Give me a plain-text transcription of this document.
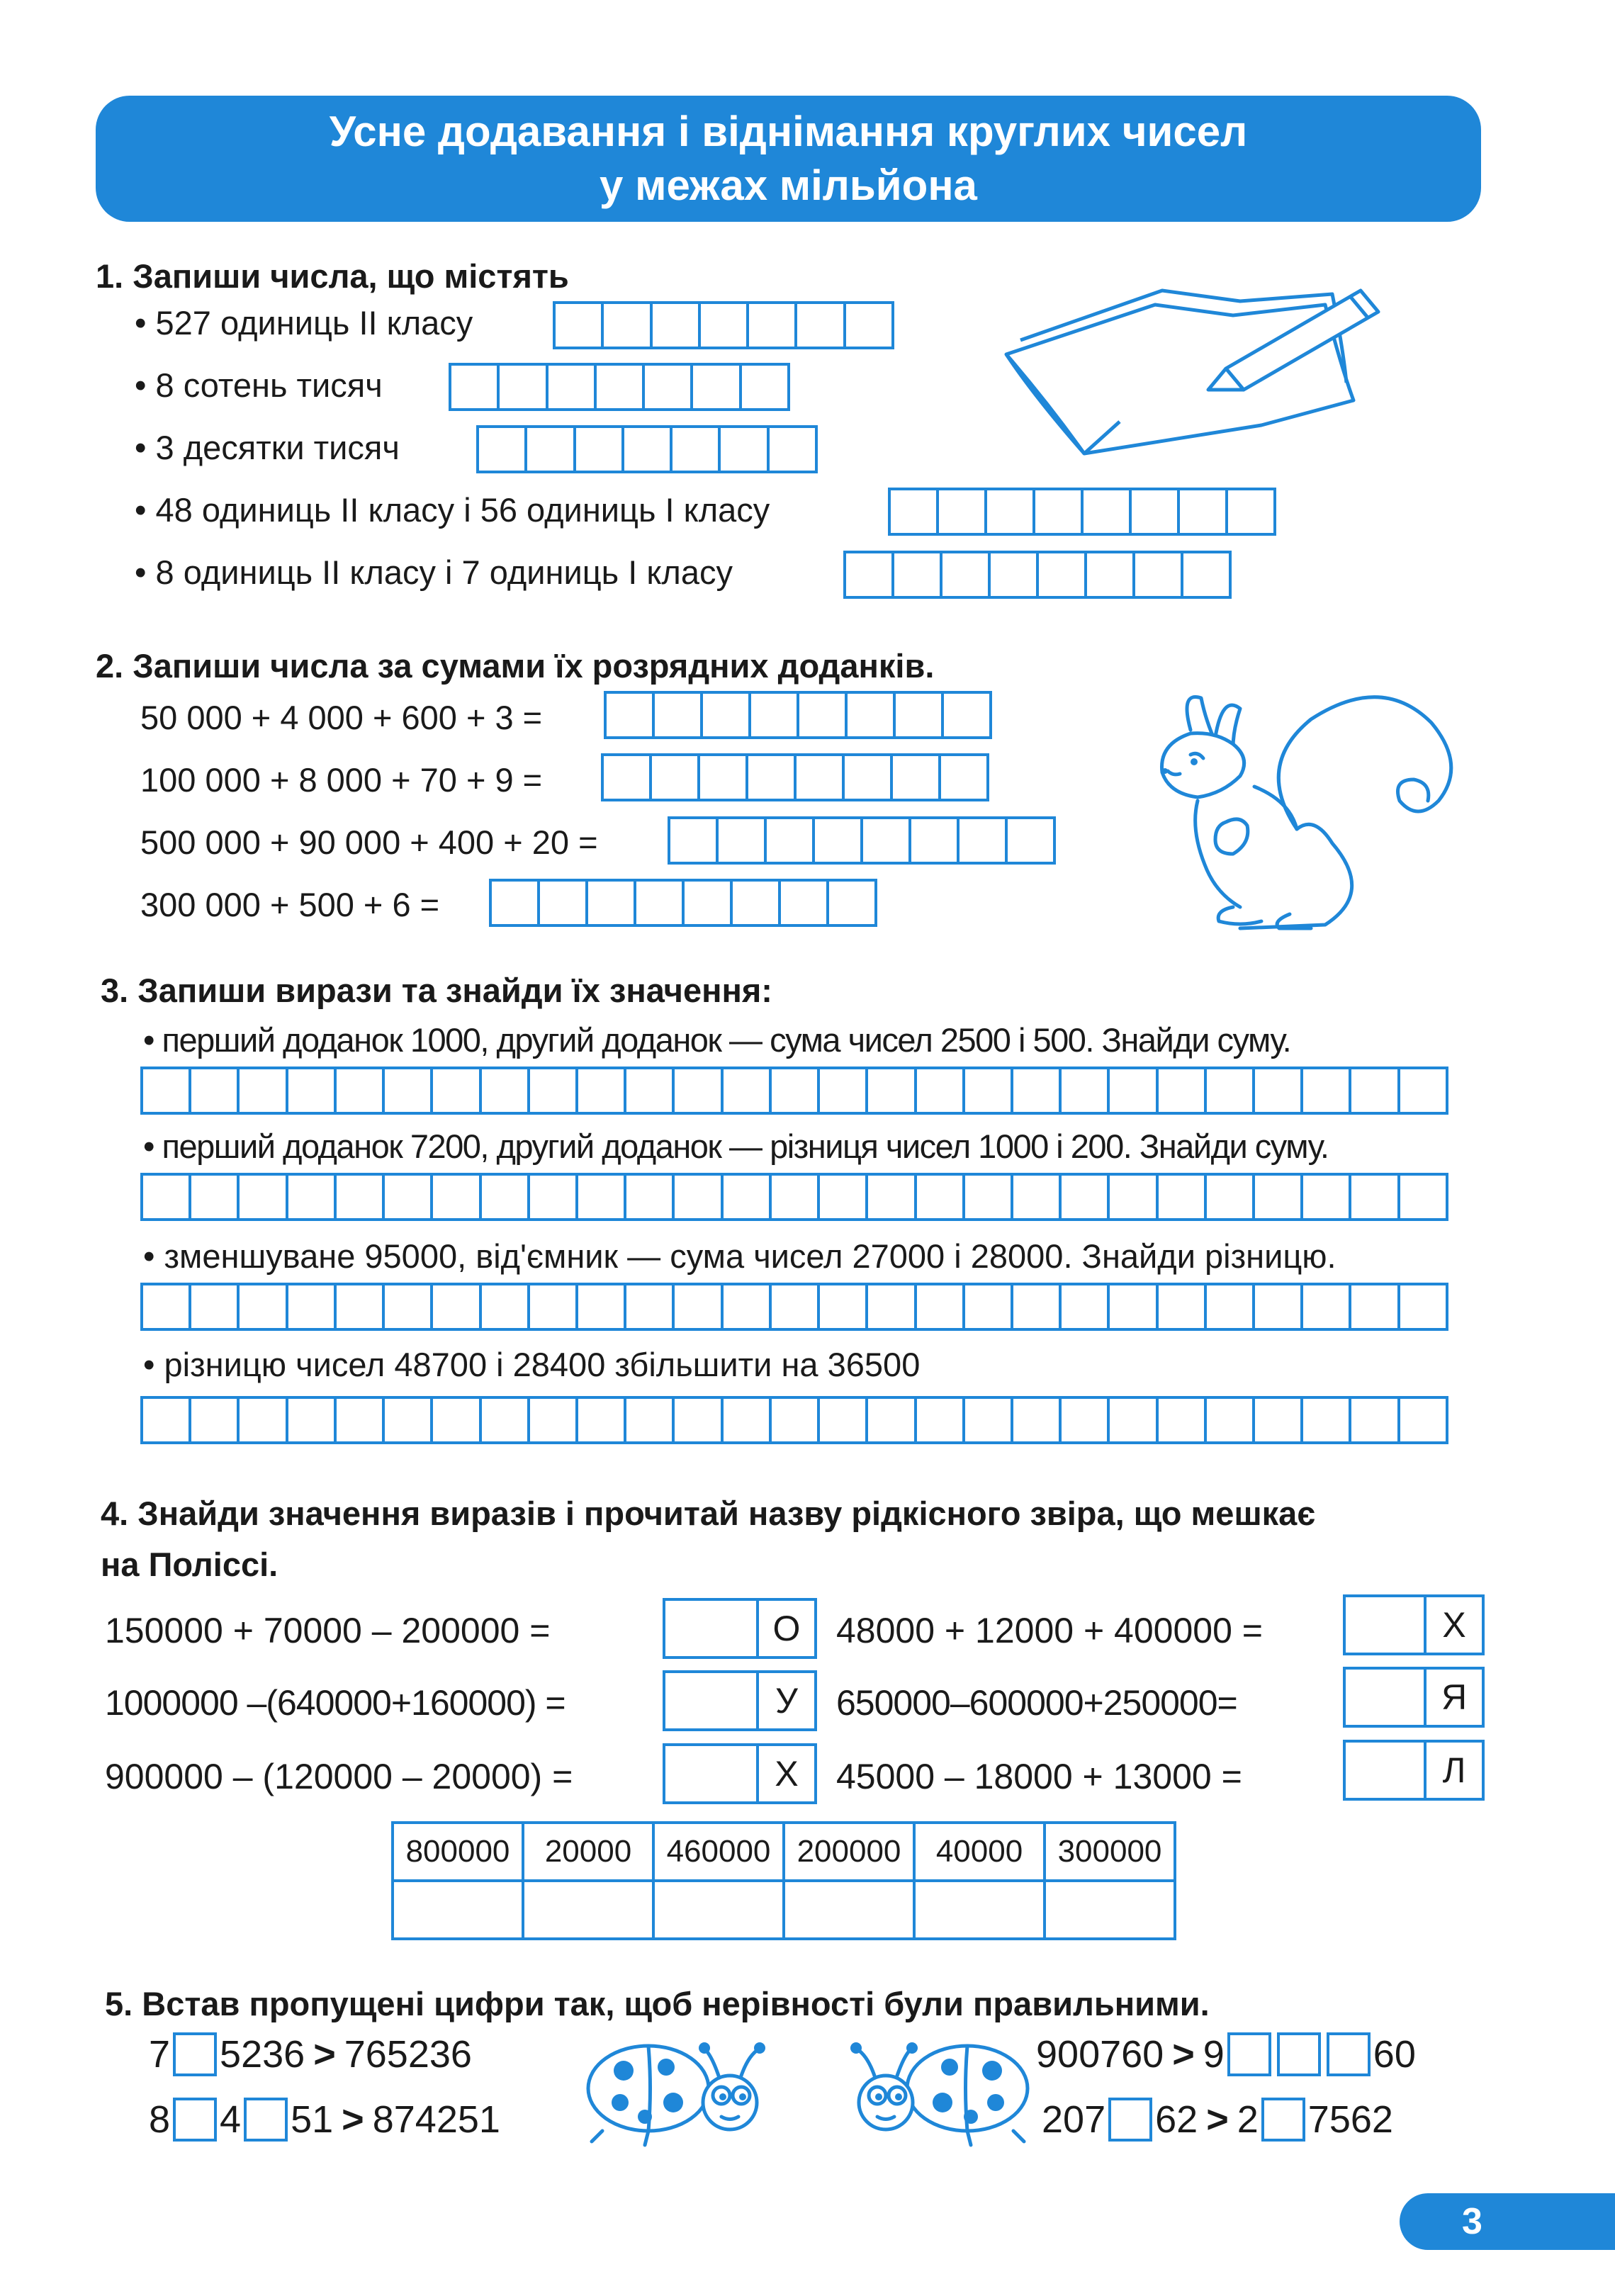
Усне додавання і віднімання круглих чисел
у межах мільйона
1. Запиши числа, що містять
• 527 одиниць ІІ класу
• 8 сотень тисяч
• 3 десятки тисяч
• 48 одиниць ІІ класу і 56 одиниць І класу
• 8 одиниць ІІ класу і 7 одиниць І класу
2. Запиши числа за сумами їх розрядних доданків.
50 000 + 4 000 + 600 + 3 =
100 000 + 8 000 + 70 + 9 =
500 000 + 90 000 + 400 + 20 =
300 000 + 500 + 6 =
3. Запиши вирази та знайди їх значення:
• перший доданок 1000, другий доданок — сума чисел 2500 і 500. Знайди суму.
• перший доданок 7200, другий доданок — різниця чисел 1000 і 200. Знайди суму.
• зменшуване 95000, від'ємник — сума чисел 27000 і 28000. Знайди різницю.
• різницю чисел 48700 і 28400 збільшити на 36500
4. Знайди значення виразів і прочитай назву рідкісного звіра, що мешкає
на Поліссі.
150000 + 70000 – 200000 =	О
1000000 –(640000+160000) =	У
900000 – (120000 – 20000) =	Х
48000 + 12000 + 400000 =	Х
650000–600000+250000=	Я
45000 – 18000 + 13000 =	Л
800000	20000	460000	200000	40000	300000

5. Встав пропущені цифри так, щоб нерівності були правильними.
7 5236 > 765236
8 4 51 > 874251
900760 > 9	60
207 62 > 2 7562
3
